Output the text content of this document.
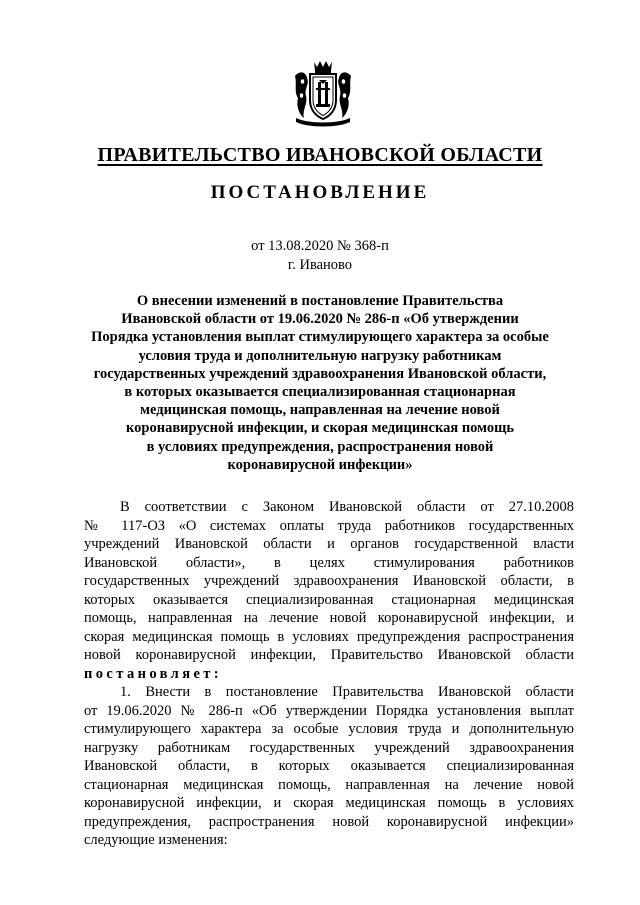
ПРАВИТЕЛЬСТВО ИВАНОВСКОЙ ОБЛАСТИ
ПОСТАНОВЛЕНИЕ
от 13.08.2020 № 368-п
г. Иваново
О внесении изменений в постановление Правительства
Ивановской области от 19.06.2020 № 286-п «Об утверждении
Порядка установления выплат стимулирующего характера за особые
условия труда и дополнительную нагрузку работникам
государственных учреждений здравоохранения Ивановской области,
в которых оказывается специализированная стационарная
медицинская помощь, направленная на лечение новой
коронавирусной инфекции, и скорая медицинская помощь
в условиях предупреждения, распространения новой
коронавирусной инфекции»
В соответствии с Законом Ивановской области от 27.10.2008
№ 117-ОЗ «О системах оплаты труда работников государственных
учреждений Ивановской области и органов государственной власти
Ивановской области», в целях стимулирования работников
государственных учреждений здравоохранения Ивановской области, в
которых оказывается специализированная стационарная медицинская
помощь, направленная на лечение новой коронавирусной инфекции, и
скорая медицинская помощь в условиях предупреждения распространения
новой коронавирусной инфекции, Правительство Ивановской области
постановляет:
1. Внести в постановление Правительства Ивановской области
от 19.06.2020 № 286-п «Об утверждении Порядка установления выплат
стимулирующего характера за особые условия труда и дополнительную
нагрузку работникам государственных учреждений здравоохранения
Ивановской области, в которых оказывается специализированная
стационарная медицинская помощь, направленная на лечение новой
коронавирусной инфекции, и скорая медицинская помощь в условиях
предупреждения, распространения новой коронавирусной инфекции»
следующие изменения:
